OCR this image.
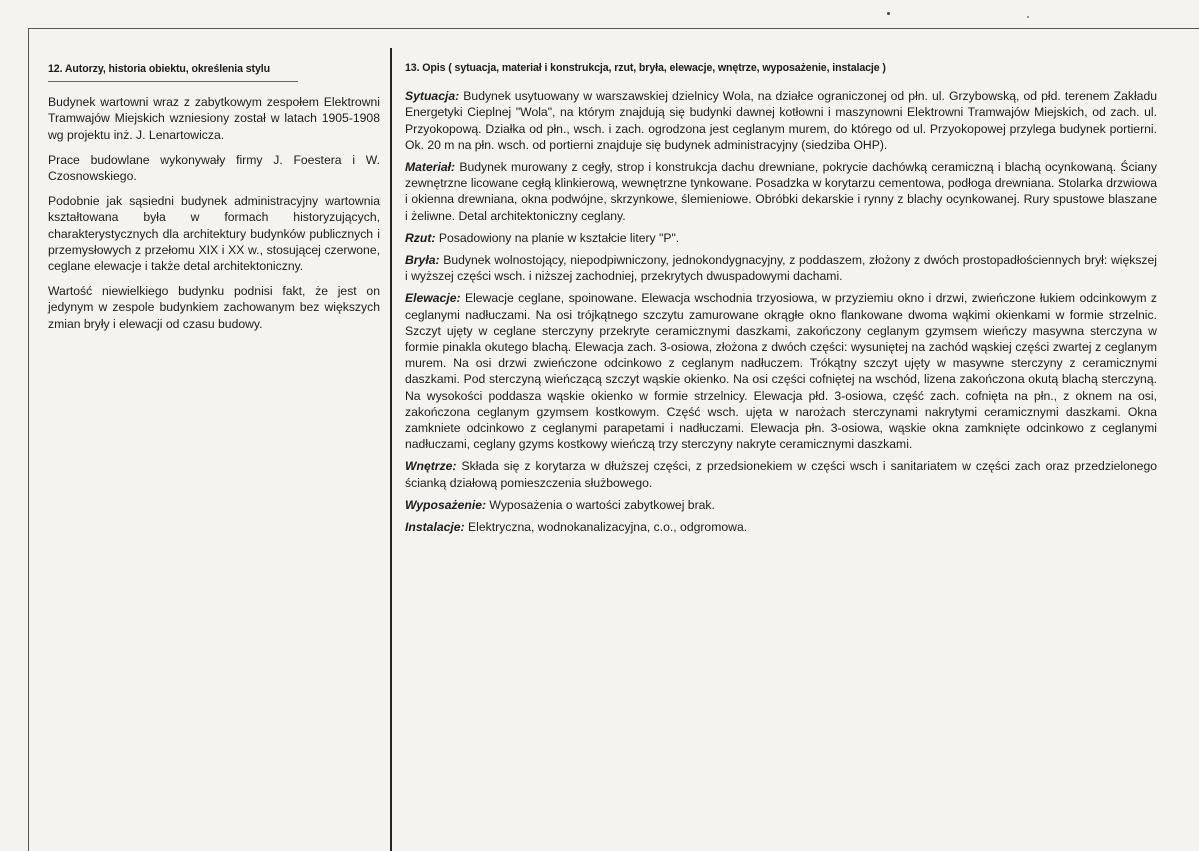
12. Autorzy, historia obiektu, określenia stylu

Budynek wartowni wraz z zabytkowym zespołem Elektrowni Tramwajów Miejskich wzniesiony został w latach 1905-1908 wg projektu inż. J. Lenartowicza.

Prace budowlane wykonywały firmy J. Foestera i W. Czosnowskiego.

Podobnie jak sąsiedni budynek administracyjny wartownia kształtowana była w formach historyzujących, charakterystycznych dla architektury budynków publicznych i przemysłowych z przełomu XIX i XX w., stosującej czerwone, ceglane elewacje i także detal architektoniczny.

Wartość niewielkiego budynku podnisi fakt, że jest on jedynym w zespole budynkiem zachowanym bez większych zmian bryły i elewacji od czasu budowy.

13. Opis ( sytuacja, materiał i konstrukcja, rzut, bryła, elewacje, wnętrze, wyposażenie, instalacje )

Sytuacja: Budynek usytuowany w warszawskiej dzielnicy Wola, na działce ograniczonej od płn. ul. Grzybowską, od płd. terenem Zakładu Energetyki Cieplnej "Wola", na którym znajdują się budynki dawnej kotłowni i maszynowni Elektrowni Tramwajów Miejskich, od zach. ul. Przyokopową. Działka od płn., wsch. i zach. ogrodzona jest ceglanym murem, do którego od ul. Przyokopowej przylega budynek portierni. Ok. 20 m na płn. wsch. od portierni znajduje się budynek administracyjny (siedziba OHP).

Materiał: Budynek murowany z cegły, strop i konstrukcja dachu drewniane, pokrycie dachówką ceramiczną i blachą ocynkowaną. Ściany zewnętrzne licowane cegłą klinkierową, wewnętrzne tynkowane. Posadzka w korytarzu cementowa, podłoga drewniana. Stolarka drzwiowa i okienna drewniana, okna podwójne, skrzynkowe, ślemieniowe. Obróbki dekarskie i rynny z blachy ocynkowanej. Rury spustowe blaszane i żeliwne. Detal architektoniczny ceglany.

Rzut: Posadowiony na planie w kształcie litery "P".

Bryła: Budynek wolnostojący, niepodpiwniczony, jednokondygnacyjny, z poddaszem, złożony z dwóch prostopadłościennych brył: większej i wyższej części wsch. i niższej zachodniej, przekrytych dwuspadowymi dachami.

Elewacje: Elewacje ceglane, spoinowane. Elewacja wschodnia trzyosiowa, w przyziemiu okno i drzwi, zwieńczone łukiem odcinkowym z ceglanymi nadłuczami. Na osi trójkątnego szczytu zamurowane okrągłe okno flankowane dwoma wąkimi okienkami w formie strzelnic. Szczyt ujęty w ceglane sterczyny przekryte ceramicznymi daszkami, zakończony ceglanym gzymsem wieńczy masywna sterczyna w formie pinakla okutego blachą. Elewacja zach. 3-osiowa, złożona z dwóch części: wysuniętej na zachód wąskiej części zwartej z ceglanym murem. Na osi drzwi zwieńczone odcinkowo z ceglanym nadłuczem. Trókątny szczyt ujęty w masywne sterczyny z ceramicznymi daszkami. Pod sterczyną wieńczącą szczyt wąskie okienko. Na osi części cofniętej na wschód, lizena zakończona okutą blachą sterczyną. Na wysokości poddasza wąskie okienko w formie strzelnicy. Elewacja płd. 3-osiowa, część zach. cofnięta na płn., z oknem na osi, zakończona ceglanym gzymsem kostkowym. Część wsch. ujęta w narożach sterczynami nakrytymi ceramicznymi daszkami. Okna zamkniete odcinkowo z ceglanymi parapetami i nadłuczami. Elewacja płn. 3-osiowa, wąskie okna zamknięte odcinkowo z ceglanymi nadłuczami, ceglany gzyms kostkowy wieńczą trzy sterczyny nakryte ceramicznymi daszkami.

Wnętrze: Składa się z korytarza w dłuższej części, z przedsionekiem w części wsch i sanitariatem w części zach oraz przedzielonego ścianką działową pomieszczenia służbowego.

Wyposażenie: Wyposażenia o wartości zabytkowej brak.

Instalacje: Elektryczna, wodnokanalizacyjna, c.o., odgromowa.
